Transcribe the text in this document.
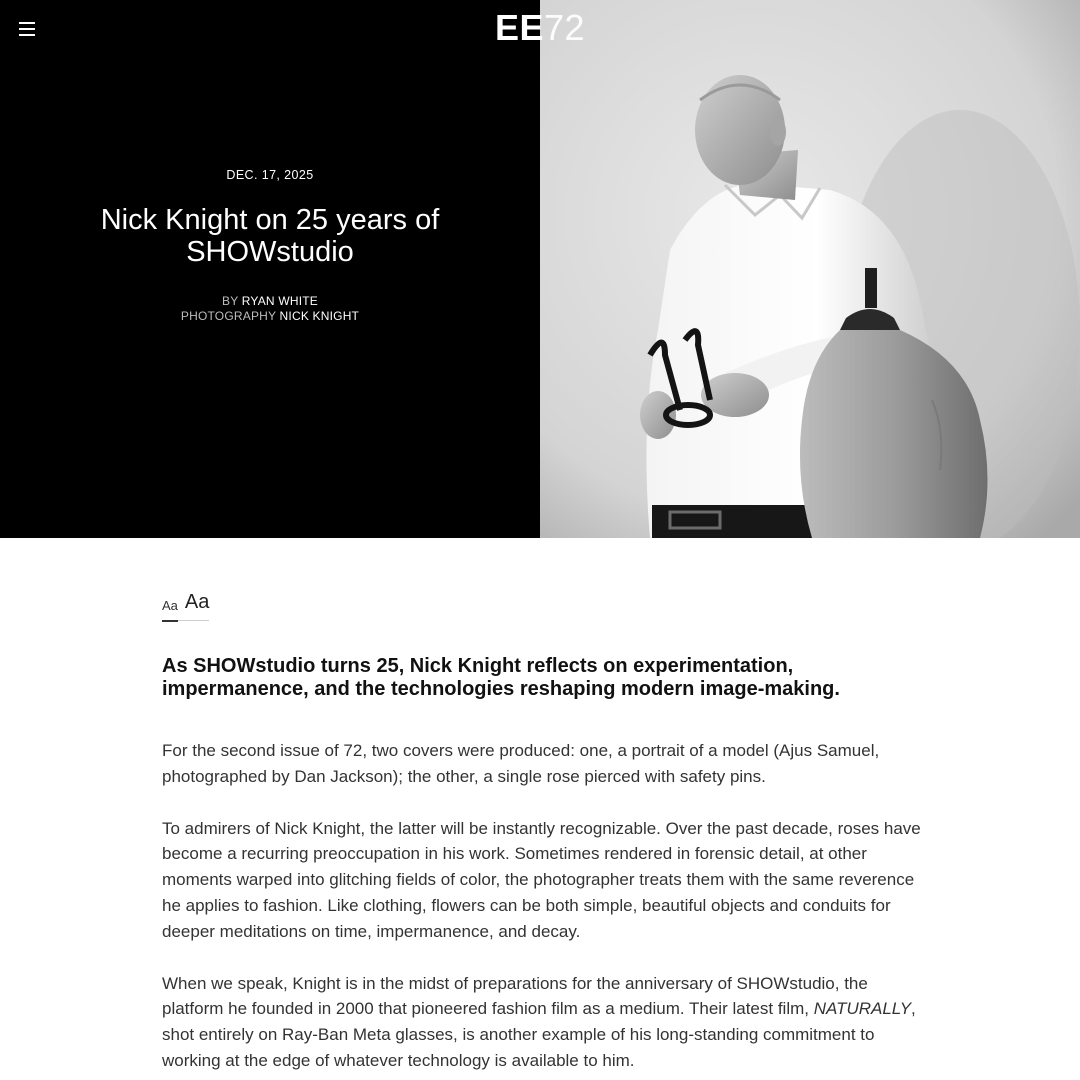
DEC. 17, 2025
Nick Knight on 25 years of SHOWstudio
BY RYAN WHITE
PHOTOGRAPHY NICK KNIGHT
EE72
Aa Aa
As SHOWstudio turns 25, Nick Knight reflects on experimentation, impermanence, and the technologies reshaping modern image-making.

For the second issue of 72, two covers were produced: one, a portrait of a model (Ajus Samuel, photographed by Dan Jackson); the other, a single rose pierced with safety pins.

To admirers of Nick Knight, the latter will be instantly recognizable. Over the past decade, roses have become a recurring preoccupation in his work. Sometimes rendered in forensic detail, at other moments warped into glitching fields of color, the photographer treats them with the same reverence he applies to fashion. Like clothing, flowers can be both simple, beautiful objects and conduits for deeper meditations on time, impermanence, and decay.

When we speak, Knight is in the midst of preparations for the anniversary of SHOWstudio, the platform he founded in 2000 that pioneered fashion film as a medium. Their latest film, NATURALLY, shot entirely on Ray-Ban Meta glasses, is another example of his long-standing commitment to working at the edge of whatever technology is available to him.
